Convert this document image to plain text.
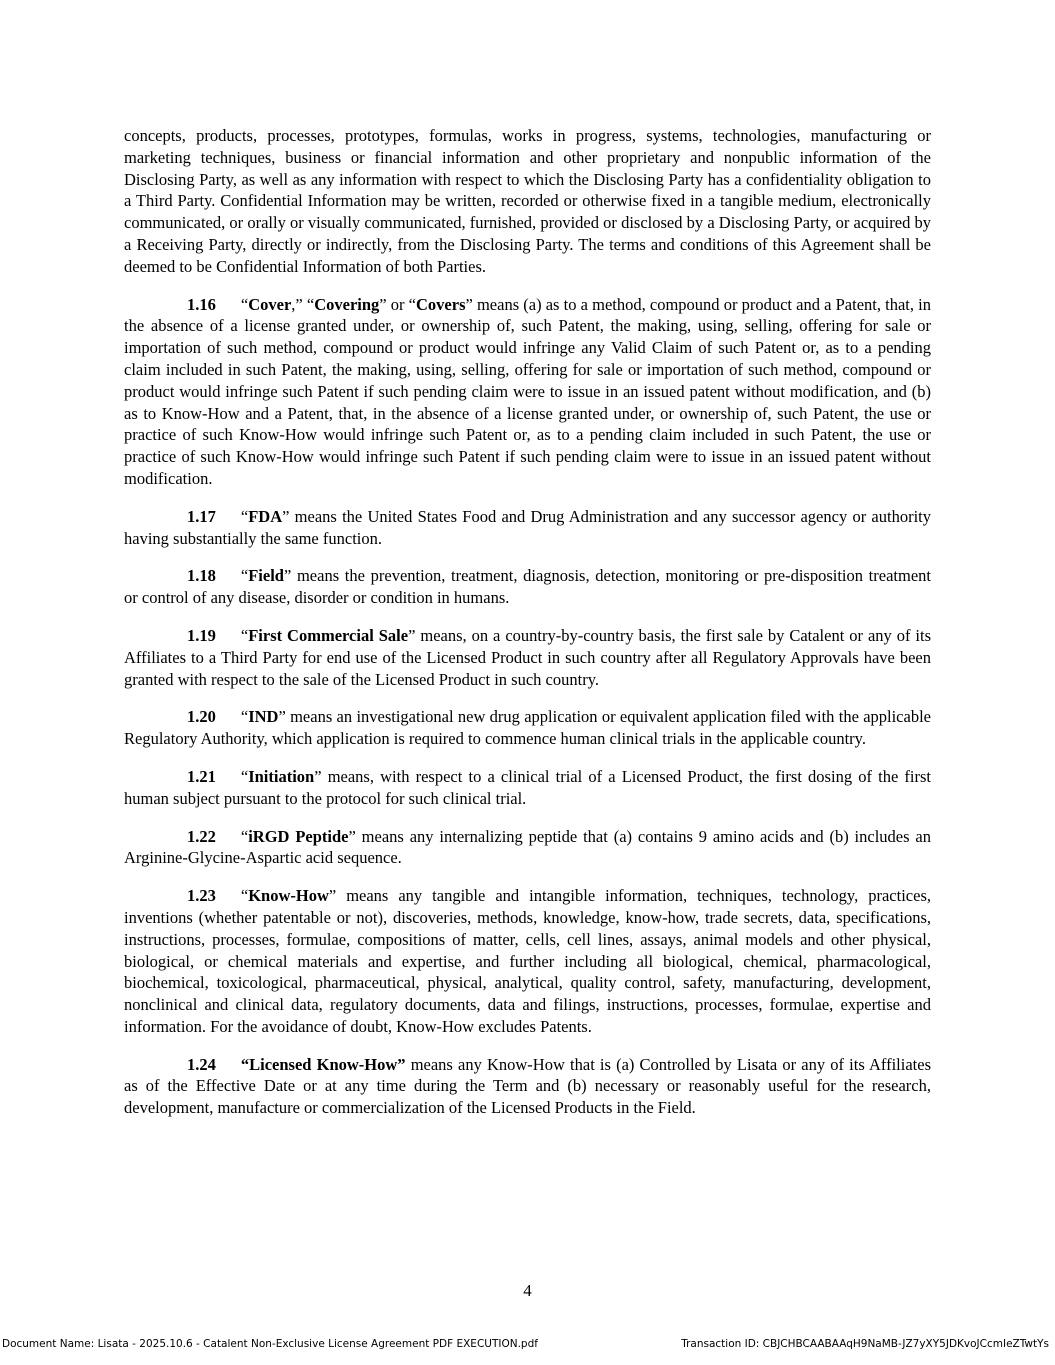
concepts, products, processes, prototypes, formulas, works in progress, systems, technologies, manufacturing or marketing techniques, business or financial information and other proprietary and nonpublic information of the Disclosing Party, as well as any information with respect to which the Disclosing Party has a confidentiality obligation to a Third Party. Confidential Information may be written, recorded or otherwise fixed in a tangible medium, electronically communicated, or orally or visually communicated, furnished, provided or disclosed by a Disclosing Party, or acquired by a Receiving Party, directly or indirectly, from the Disclosing Party. The terms and conditions of this Agreement shall be deemed to be Confidential Information of both Parties.

1.16 “Cover,” “Covering” or “Covers” means (a) as to a method, compound or product and a Patent, that, in the absence of a license granted under, or ownership of, such Patent, the making, using, selling, offering for sale or importation of such method, compound or product would infringe any Valid Claim of such Patent or, as to a pending claim included in such Patent, the making, using, selling, offering for sale or importation of such method, compound or product would infringe such Patent if such pending claim were to issue in an issued patent without modification, and (b) as to Know-How and a Patent, that, in the absence of a license granted under, or ownership of, such Patent, the use or practice of such Know-How would infringe such Patent or, as to a pending claim included in such Patent, the use or practice of such Know-How would infringe such Patent if such pending claim were to issue in an issued patent without modification.

1.17 “FDA” means the United States Food and Drug Administration and any successor agency or authority having substantially the same function.

1.18 “Field” means the prevention, treatment, diagnosis, detection, monitoring or pre-disposition treatment or control of any disease, disorder or condition in humans.

1.19 “First Commercial Sale” means, on a country-by-country basis, the first sale by Catalent or any of its Affiliates to a Third Party for end use of the Licensed Product in such country after all Regulatory Approvals have been granted with respect to the sale of the Licensed Product in such country.

1.20 “IND” means an investigational new drug application or equivalent application filed with the applicable Regulatory Authority, which application is required to commence human clinical trials in the applicable country.

1.21 “Initiation” means, with respect to a clinical trial of a Licensed Product, the first dosing of the first human subject pursuant to the protocol for such clinical trial.

1.22 “iRGD Peptide” means any internalizing peptide that (a) contains 9 amino acids and (b) includes an Arginine-Glycine-Aspartic acid sequence.

1.23 “Know-How” means any tangible and intangible information, techniques, technology, practices, inventions (whether patentable or not), discoveries, methods, knowledge, know-how, trade secrets, data, specifications, instructions, processes, formulae, compositions of matter, cells, cell lines, assays, animal models and other physical, biological, or chemical materials and expertise, and further including all biological, chemical, pharmacological, biochemical, toxicological, pharmaceutical, physical, analytical, quality control, safety, manufacturing, development, nonclinical and clinical data, regulatory documents, data and filings, instructions, processes, formulae, expertise and information. For the avoidance of doubt, Know-How excludes Patents.

1.24 “Licensed Know-How” means any Know-How that is (a) Controlled by Lisata or any of its Affiliates as of the Effective Date or at any time during the Term and (b) necessary or reasonably useful for the research, development, manufacture or commercialization of the Licensed Products in the Field.

4
Document Name: Lisata - 2025.10.6 - Catalent Non-Exclusive License Agreement PDF EXECUTION.pdf	Transaction ID: CBJCHBCAABAAqH9NaMB-JZ7yXY5JDKvoJCcmIeZTwtYs
